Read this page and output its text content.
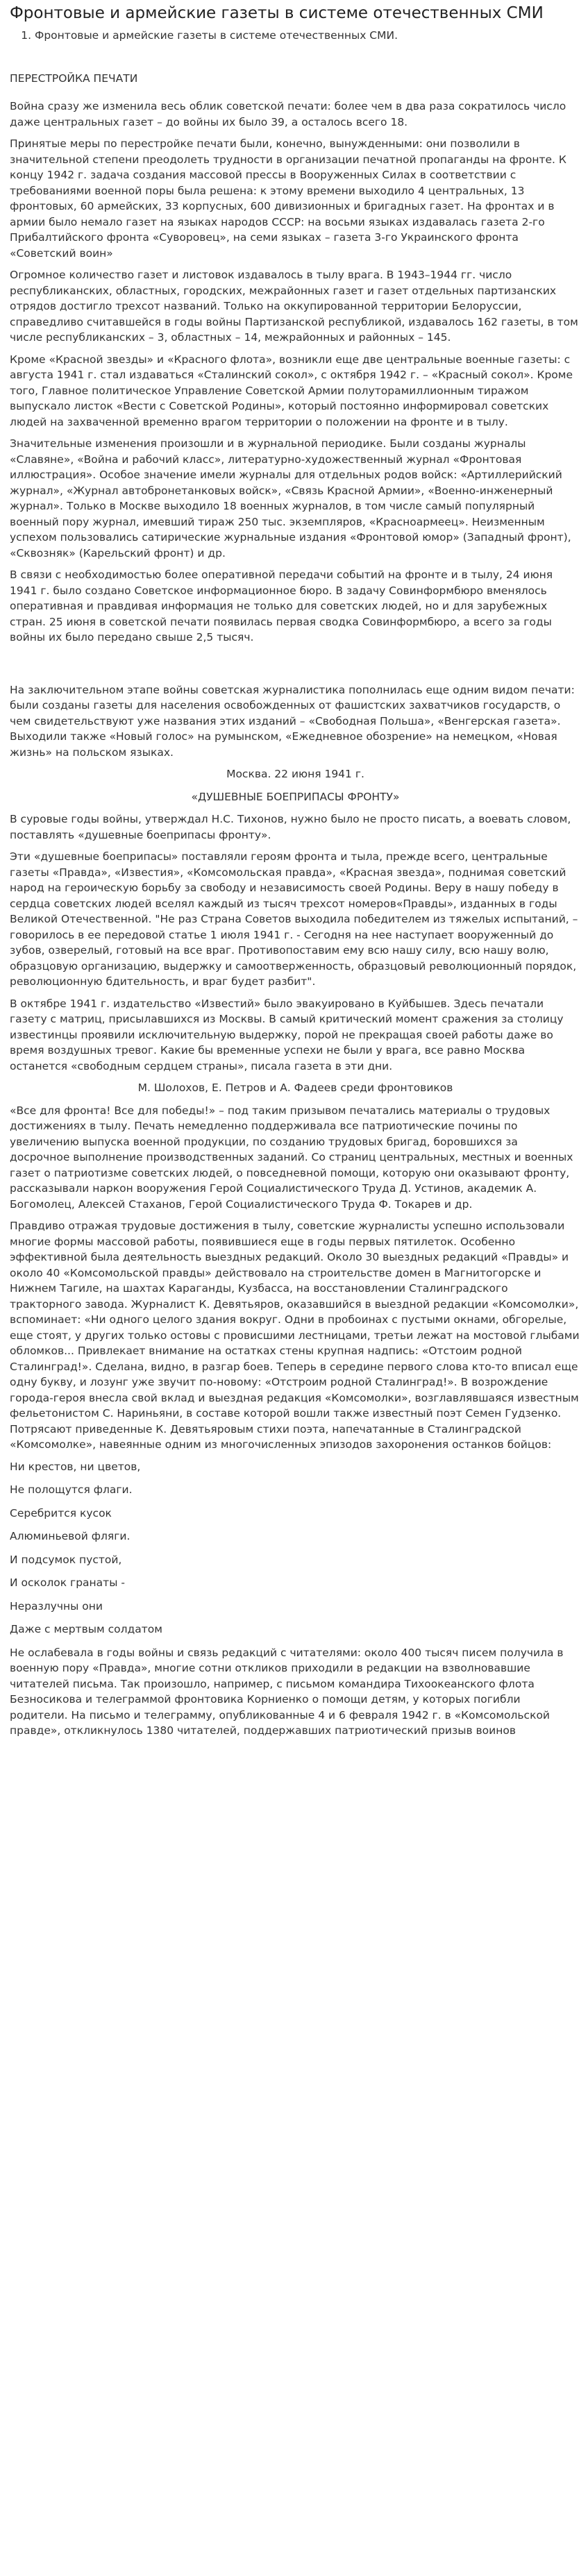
Фронтовые и армейские газеты в системе отечественных СМИ
1. Фронтовые и армейские газеты в системе отечественных СМИ.
ПЕРЕСТРОЙКА ПЕЧАТИ

Война сразу же изменила весь облик советской печати: более чем в два раза сократилось число даже центральных газет – до войны их было 39, а осталось всего 18.

Принятые меры по перестройке печати были, конечно, вынужденными: они позволили в значительной степени преодолеть трудности в организации печатной пропаганды на фронте. К концу 1942 г. задача создания массовой прессы в Вооруженных Силах в соответствии с требованиями военной поры была решена: к этому времени выходило 4 центральных, 13 фронтовых, 60 армейских, 33 корпусных, 600 дивизионных и бригадных газет. На фронтах и в армии было немало газет на языках народов СССР: на восьми языках издавалась газета 2-го Прибалтийского фронта «Суворовец», на семи языках – газета 3-го Украинского фронта «Советский воин»

Огромное количество газет и листовок издавалось в тылу врага. В 1943–1944 гг. число республиканских, областных, городских, межрайонных газет и газет отдельных партизанских отрядов достигло трехсот названий. Только на оккупированной территории Белоруссии, справедливо считавшейся в годы войны Партизанской республикой, издавалось 162 газеты, в том числе республиканских – 3, областных – 14, межрайонных и районных – 145.

Кроме «Красной звезды» и «Красного флота», возникли еще две центральные военные газеты: с августа 1941 г. стал издаваться «Сталинский сокол», с октября 1942 г. – «Красный сокол». Кроме того, Главное политическое Управление Советской Армии полуторамиллионным тиражом выпускало листок «Вести с Советской Родины», который постоянно информировал советских людей на захваченной временно врагом территории о положении на фронте и в тылу.

Значительные изменения произошли и в журнальной периодике. Были созданы журналы «Славяне», «Война и рабочий класс», литературно-художественный журнал «Фронтовая иллюстрация». Особое значение имели журналы для отдельных родов войск: «Артиллерийский журнал», «Журнал автобронетанковых войск», «Связь Красной Армии», «Военно-инженерный журнал». Только в Москве выходило 18 военных журналов, в том числе самый популярный военный пору журнал, имевший тираж 250 тыс. экземпляров, «Красноармеец». Неизменным успехом пользовались сатирические журнальные издания «Фронтовой юмор» (Западный фронт), «Сквозняк» (Карельский фронт) и др.

В связи с необходимостью более оперативной передачи событий на фронте и в тылу, 24 июня 1941 г. было создано Советское информационное бюро. В задачу Совинформбюро вменялось оперативная и правдивая информация не только для советских людей, но и для зарубежных стран. 25 июня в советской печати появилась первая сводка Совинформбюро, а всего за годы войны их было передано свыше 2,5 тысяч.

На заключительном этапе войны советская журналистика пополнилась еще одним видом печати: были созданы газеты для населения освобожденных от фашистских захватчиков государств, о чем свидетельствуют уже названия этих изданий – «Свободная Польша», «Венгерская газета». Выходили также «Новый голос» на румынском, «Ежедневное обозрение» на немецком, «Новая жизнь» на польском языках.

Москва. 22 июня 1941 г.

«ДУШЕВНЫЕ БОЕПРИПАСЫ ФРОНТУ»

В суровые годы войны, утверждал Н.С. Тихонов, нужно было не просто писать, а воевать словом, поставлять «душевные боеприпасы фронту».

Эти «душевные боеприпасы» поставляли героям фронта и тыла, прежде всего, центральные газеты «Правда», «Известия», «Комсомольская правда», «Красная звезда», поднимая советский народ на героическую борьбу за свободу и независимость своей Родины. Веру в нашу победу в сердца советских людей вселял каждый из тысяч трехсот номеров«Правды», изданных в годы Великой Отечественной. "Не раз Страна Советов выходила победителем из тяжелых испытаний, – говорилось в ее передовой статье 1 июля 1941 г. - Сегодня на нее наступает вооруженный до зубов, озверелый, готовый на все враг. Противопоставим ему всю нашу силу, всю нашу волю, образцовую организацию, выдержку и самоотверженность, образцовый революционный порядок, революционную бдительность, и враг будет разбит".

В октябре 1941 г. издательство «Известий» было эвакуировано в Куйбышев. Здесь печатали газету с матриц, присылавшихся из Москвы. В самый критический момент сражения за столицу известинцы проявили исключительную выдержку, порой не прекращая своей работы даже во время воздушных тревог. Какие бы временные успехи не были у врага, все равно Москва останется «свободным сердцем страны», писала газета в эти дни.

М. Шолохов, Е. Петров и А. Фадеев среди фронтовиков

«Все для фронта! Все для победы!» – под таким призывом печатались материалы о трудовых достижениях в тылу. Печать немедленно поддерживала все патриотические почины по увеличению выпуска военной продукции, по созданию трудовых бригад, боровшихся за досрочное выполнение производственных заданий. Со страниц центральных, местных и военных газет о патриотизме советских людей, о повседневной помощи, которую они оказывают фронту, рассказывали наркон вооружения Герой Социалистического Труда Д. Устинов, академик А. Богомолец, Алексей Стаханов, Герой Социалистического Труда Ф. Токарев и др.

Правдиво отражая трудовые достижения в тылу, советские журналисты успешно использовали многие формы массовой работы, появившиеся еще в годы первых пятилеток. Особенно эффективной была деятельность выездных редакций. Около 30 выездных редакций «Правды» и около 40 «Комсомольской правды» действовало на строительстве домен в Магнитогорске и Нижнем Тагиле, на шахтах Караганды, Кузбасса, на восстановлении Сталинградского тракторного завода. Журналист К. Девятьяров, оказавшийся в выездной редакции «Комсомолки», вспоминает: «Ни одного целого здания вокруг. Одни в пробоинах с пустыми окнами, обгорелые, еще стоят, у других только остовы с провисшими лестницами, третьи лежат на мостовой глыбами обломков... Привлекает внимание на остатках стены крупная надпись: «Отстоим родной Сталинград!». Сделана, видно, в разгар боев. Теперь в середине первого слова кто-то вписал еще одну букву, и лозунг уже звучит по-новому: «Отстроим родной Сталинград!». В возрождение города-героя внесла свой вклад и выездная редакция «Комсомолки», возглавлявшаяся известным фельетонистом С. Нариньяни, в составе которой вошли также известный поэт Семен Гудзенко. Потрясают приведенные К. Девятьяровым стихи поэта, напечатанные в Сталинградской «Комсомолке», навеянные одним из многочисленных эпизодов захоронения останков бойцов:

Ни крестов, ни цветов,

Не полощутся флаги.

Серебрится кусок

Алюминьевой фляги.

И подсумок пустой,

И осколок гранаты -

Неразлучны они

Даже с мертвым солдатом

Не ослабевала в годы войны и связь редакций с читателями: около 400 тысяч писем получила в военную пору «Правда», многие сотни откликов приходили в редакции на взволновавшие читателей письма. Так произошло, например, с письмом командира Тихоокеанского флота Безносикова и телеграммой фронтовика Корниенко о помощи детям, у которых погибли родители. На письмо и телеграмму, опубликованные 4 и 6 февраля 1942 г. в «Комсомольской правде», откликнулось 1380 читателей, поддержавших патриотический призыв воинов
